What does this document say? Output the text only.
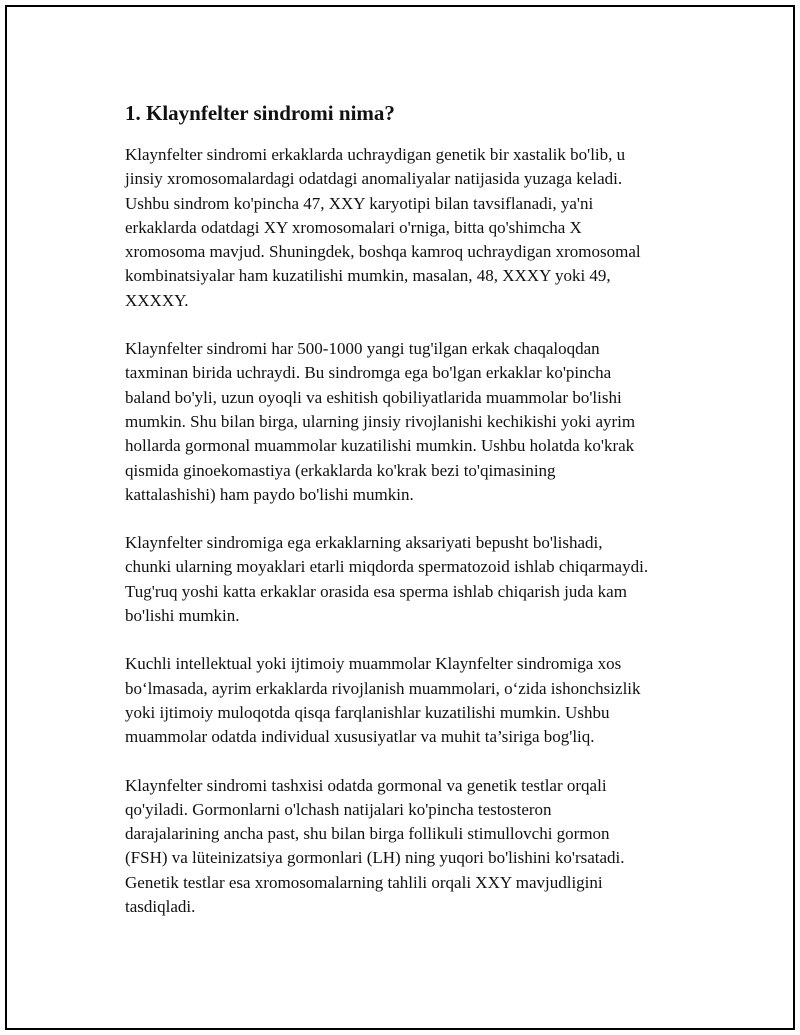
1. Klaynfelter sindromi nima?

Klaynfelter sindromi erkaklarda uchraydigan genetik bir xastalik bo'lib, u
jinsiy xromosomalardagi odatdagi anomaliyalar natijasida yuzaga keladi.
Ushbu sindrom ko'pincha 47, XXY karyotipi bilan tavsiflanadi, ya'ni
erkaklarda odatdagi XY xromosomalari o'rniga, bitta qo'shimcha X
xromosoma mavjud. Shuningdek, boshqa kamroq uchraydigan xromosomal
kombinatsiyalar ham kuzatilishi mumkin, masalan, 48, XXXY yoki 49,
XXXXY.

Klaynfelter sindromi har 500-1000 yangi tug'ilgan erkak chaqaloqdan
taxminan birida uchraydi. Bu sindromga ega bo'lgan erkaklar ko'pincha
baland bo'yli, uzun oyoqli va eshitish qobiliyatlarida muammolar bo'lishi
mumkin. Shu bilan birga, ularning jinsiy rivojlanishi kechikishi yoki ayrim
hollarda gormonal muammolar kuzatilishi mumkin. Ushbu holatda ko'krak
qismida ginoekomastiya (erkaklarda ko'krak bezi to'qimasining
kattalashishi) ham paydo bo'lishi mumkin.

Klaynfelter sindromiga ega erkaklarning aksariyati bepusht bo'lishadi,
chunki ularning moyaklari etarli miqdorda spermatozoid ishlab chiqarmaydi.
Tug'ruq yoshi katta erkaklar orasida esa sperma ishlab chiqarish juda kam
bo'lishi mumkin.

Kuchli intellektual yoki ijtimoiy muammolar Klaynfelter sindromiga xos
bo‘lmasada, ayrim erkaklarda rivojlanish muammolari, o‘zida ishonchsizlik
yoki ijtimoiy muloqotda qisqa farqlanishlar kuzatilishi mumkin. Ushbu
muammolar odatda individual xususiyatlar va muhit ta’siriga bog'liq.

Klaynfelter sindromi tashxisi odatda gormonal va genetik testlar orqali
qo'yiladi. Gormonlarni o'lchash natijalari ko'pincha testosteron
darajalarining ancha past, shu bilan birga follikuli stimullovchi gormon
(FSH) va lüteinizatsiya gormonlari (LH) ning yuqori bo'lishini ko'rsatadi.
Genetik testlar esa xromosomalarning tahlili orqali XXY mavjudligini
tasdiqladi.
